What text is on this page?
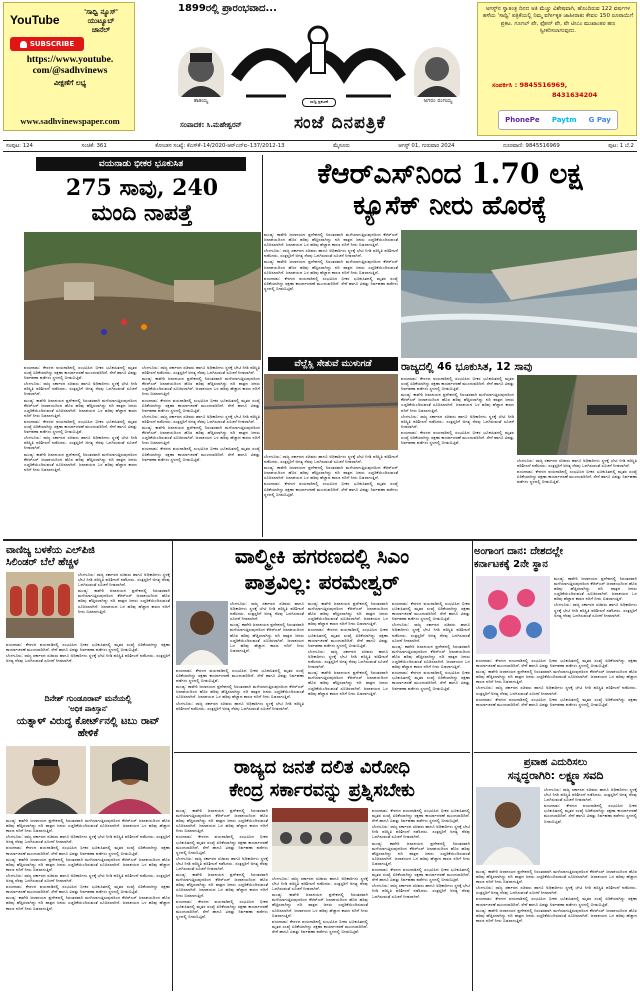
YouTube
'ಸಾಧ್ವಿ ನ್ಯೂಸ್'
ಯುಟ್ಯೂಬ್
ಚಾನೆಲ್
SUBSCRIBE
https://www.youtube.
com/@sadhvinews
ವೀಕ್ಷಣೆಗೆ ಲಭ್ಯ
www.sadhvinewspaper.com
1899ರಲ್ಲಿ ಪ್ರಾರಂಭವಾದ...
ತಾತಯ್ಯ	ಸಾಧ್ವಿ ಪ್ರಕಟಣೆ	ಅಗರಂ ರಂಗಯ್ಯ
ಸಂಪಾದಕ: ಸಿ.ಮಹೇಶ್ವರನ್	ಸಂಜೆ ದಿನಪತ್ರಿಕೆ
ಅಗಸ್ಟ್‌ನ ಸ್ವಾತಂತ್ರ ದಿನದ ಅತಿ ಮೆಚ್ಚು ವಿಶೇಷವಾಗಿ, ಹೊಂದಿರುವ 122 ವರ್ಷಗಳ ಹಳೆಯ 'ಸಾಧ್ವಿ' ಪತ್ರಿಕೆಯಲ್ಲಿ ನಿಮ್ಮ ವರ್ಗೀಕೃತ ಜಾಹೀರಾತು ಕೇವಲ 150 ರೂಪಾಯಿಗೆ ಪ್ರಕಟ. ಗೂಗಲ್ ಪೇ, ಫೋನ್ ಪೇ, ಪೇ ಟೀಎಂ ಮುಖಾಂತರ ಹಣ ಸ್ವೀಕರಿಸಲಾಗುವುದು.
ಸಂಪರ್ಕಿಸಿ : 9845516969,
8431634204
PhonePe Paytm G Pay
ಸಂಪುಟ: 124	ಸಂಚಿಕೆ: 361	ಕೋಂಡಸ ಸಂಖ್ಯೆ: ಕೆಎಸ್‌ಕೆ–14/2020-ಆರ್‌ಎನ್‌ಐ–137/2012-13	ಮೈಸೂರು	ಆಗಸ್ಟ್ 01, ಗುರುವಾರ 2024	ದೂರವಾಣಿ: 9845516969	ಪುಟ: 1 ಬೆ.2
ವಯನಾಡು ಭೀಕರ ಭೂಕುಸಿತ
275 ಸಾವು, 240
ಮಂದಿ ನಾಪತ್ತೆ

ವಯನಾಡು: ಕೇರಳದ ವಯನಾಡಿನಲ್ಲಿ ಸಂಭವಿಸಿದ ಭೀಕರ ಭೂಕುಸಿತದಲ್ಲಿ ಮೃತರ ಸಂಖ್ಯೆ ಏರಿಕೆಯಾಗಿದ್ದು ರಕ್ಷಣಾ ಕಾರ್ಯಾಚರಣೆ ಮುಂದುವರಿದಿದೆ. ಸೇನೆ ಹಾಗೂ ವಿಪತ್ತು ನಿರ್ವಹಣಾ ಪಡೆಗಳು ಸ್ಥಳದಲ್ಲಿ ಬೀಡುಬಿಟ್ಟಿವೆ.

ಬೆಂಗಳೂರು: ರಾಜ್ಯ ಸರ್ಕಾರದ ಸಚಿವರು ಹಾಗೂ ಅಧಿಕಾರಿಗಳು ಸ್ಥಳಕ್ಕೆ ಭೇಟಿ ನೀಡಿ ಪರಿಸ್ಥಿತಿ ಪರಿಶೀಲನೆ ನಡೆಸಿದರು. ಸಂತ್ರಸ್ತರಿಗೆ ಅಗತ್ಯ ನೆರವು ಒದಗಿಸುವಂತೆ ಸೂಚನೆ ನೀಡಲಾಗಿದೆ.

ಮಂಡ್ಯ: ಕಾವೇರಿ ಜಲಾನಯನ ಪ್ರದೇಶದಲ್ಲಿ ನಿರಂತರವಾಗಿ ಮಳೆಯಾಗುತ್ತಿರುವುದರಿಂದ ಕೆಆರ್‌ಎಸ್ ಜಲಾಶಯದಿಂದ ಹೊರ ಹರಿವು ಹೆಚ್ಚಿಸಲಾಗಿದ್ದು ನದಿ ಪಾತ್ರದ ಜನರು ಎಚ್ಚರಿಕೆಯಿಂದಿರುವಂತೆ ಸೂಚಿಸಲಾಗಿದೆ. ಜಲಾಶಯದ ಒಳ ಹರಿವು ಹೆಚ್ಚಾದ ಕಾರಣ ನದಿಗೆ ನೀರು ಬಿಡಲಾಗುತ್ತಿದೆ.

ವಯನಾಡು: ಕೇರಳದ ವಯನಾಡಿನಲ್ಲಿ ಸಂಭವಿಸಿದ ಭೀಕರ ಭೂಕುಸಿತದಲ್ಲಿ ಮೃತರ ಸಂಖ್ಯೆ ಏರಿಕೆಯಾಗಿದ್ದು ರಕ್ಷಣಾ ಕಾರ್ಯಾಚರಣೆ ಮುಂದುವರಿದಿದೆ. ಸೇನೆ ಹಾಗೂ ವಿಪತ್ತು ನಿರ್ವಹಣಾ ಪಡೆಗಳು ಸ್ಥಳದಲ್ಲಿ ಬೀಡುಬಿಟ್ಟಿವೆ.

ಬೆಂಗಳೂರು: ರಾಜ್ಯ ಸರ್ಕಾರದ ಸಚಿವರು ಹಾಗೂ ಅಧಿಕಾರಿಗಳು ಸ್ಥಳಕ್ಕೆ ಭೇಟಿ ನೀಡಿ ಪರಿಸ್ಥಿತಿ ಪರಿಶೀಲನೆ ನಡೆಸಿದರು. ಸಂತ್ರಸ್ತರಿಗೆ ಅಗತ್ಯ ನೆರವು ಒದಗಿಸುವಂತೆ ಸೂಚನೆ ನೀಡಲಾಗಿದೆ.

ಮಂಡ್ಯ: ಕಾವೇರಿ ಜಲಾನಯನ ಪ್ರದೇಶದಲ್ಲಿ ನಿರಂತರವಾಗಿ ಮಳೆಯಾಗುತ್ತಿರುವುದರಿಂದ ಕೆಆರ್‌ಎಸ್ ಜಲಾಶಯದಿಂದ ಹೊರ ಹರಿವು ಹೆಚ್ಚಿಸಲಾಗಿದ್ದು ನದಿ ಪಾತ್ರದ ಜನರು ಎಚ್ಚರಿಕೆಯಿಂದಿರುವಂತೆ ಸೂಚಿಸಲಾಗಿದೆ. ಜಲಾಶಯದ ಒಳ ಹರಿವು ಹೆಚ್ಚಾದ ಕಾರಣ ನದಿಗೆ ನೀರು ಬಿಡಲಾಗುತ್ತಿದೆ.

ಬೆಂಗಳೂರು: ರಾಜ್ಯ ಸರ್ಕಾರದ ಸಚಿವರು ಹಾಗೂ ಅಧಿಕಾರಿಗಳು ಸ್ಥಳಕ್ಕೆ ಭೇಟಿ ನೀಡಿ ಪರಿಸ್ಥಿತಿ ಪರಿಶೀಲನೆ ನಡೆಸಿದರು. ಸಂತ್ರಸ್ತರಿಗೆ ಅಗತ್ಯ ನೆರವು ಒದಗಿಸುವಂತೆ ಸೂಚನೆ ನೀಡಲಾಗಿದೆ.

ಮಂಡ್ಯ: ಕಾವೇರಿ ಜಲಾನಯನ ಪ್ರದೇಶದಲ್ಲಿ ನಿರಂತರವಾಗಿ ಮಳೆಯಾಗುತ್ತಿರುವುದರಿಂದ ಕೆಆರ್‌ಎಸ್ ಜಲಾಶಯದಿಂದ ಹೊರ ಹರಿವು ಹೆಚ್ಚಿಸಲಾಗಿದ್ದು ನದಿ ಪಾತ್ರದ ಜನರು ಎಚ್ಚರಿಕೆಯಿಂದಿರುವಂತೆ ಸೂಚಿಸಲಾಗಿದೆ. ಜಲಾಶಯದ ಒಳ ಹರಿವು ಹೆಚ್ಚಾದ ಕಾರಣ ನದಿಗೆ ನೀರು ಬಿಡಲಾಗುತ್ತಿದೆ.

ವಯನಾಡು: ಕೇರಳದ ವಯನಾಡಿನಲ್ಲಿ ಸಂಭವಿಸಿದ ಭೀಕರ ಭೂಕುಸಿತದಲ್ಲಿ ಮೃತರ ಸಂಖ್ಯೆ ಏರಿಕೆಯಾಗಿದ್ದು ರಕ್ಷಣಾ ಕಾರ್ಯಾಚರಣೆ ಮುಂದುವರಿದಿದೆ. ಸೇನೆ ಹಾಗೂ ವಿಪತ್ತು ನಿರ್ವಹಣಾ ಪಡೆಗಳು ಸ್ಥಳದಲ್ಲಿ ಬೀಡುಬಿಟ್ಟಿವೆ.

ಬೆಂಗಳೂರು: ರಾಜ್ಯ ಸರ್ಕಾರದ ಸಚಿವರು ಹಾಗೂ ಅಧಿಕಾರಿಗಳು ಸ್ಥಳಕ್ಕೆ ಭೇಟಿ ನೀಡಿ ಪರಿಸ್ಥಿತಿ ಪರಿಶೀಲನೆ ನಡೆಸಿದರು. ಸಂತ್ರಸ್ತರಿಗೆ ಅಗತ್ಯ ನೆರವು ಒದಗಿಸುವಂತೆ ಸೂಚನೆ ನೀಡಲಾಗಿದೆ.

ಮಂಡ್ಯ: ಕಾವೇರಿ ಜಲಾನಯನ ಪ್ರದೇಶದಲ್ಲಿ ನಿರಂತರವಾಗಿ ಮಳೆಯಾಗುತ್ತಿರುವುದರಿಂದ ಕೆಆರ್‌ಎಸ್ ಜಲಾಶಯದಿಂದ ಹೊರ ಹರಿವು ಹೆಚ್ಚಿಸಲಾಗಿದ್ದು ನದಿ ಪಾತ್ರದ ಜನರು ಎಚ್ಚರಿಕೆಯಿಂದಿರುವಂತೆ ಸೂಚಿಸಲಾಗಿದೆ. ಜಲಾಶಯದ ಒಳ ಹರಿವು ಹೆಚ್ಚಾದ ಕಾರಣ ನದಿಗೆ ನೀರು ಬಿಡಲಾಗುತ್ತಿದೆ.

ವಯನಾಡು: ಕೇರಳದ ವಯನಾಡಿನಲ್ಲಿ ಸಂಭವಿಸಿದ ಭೀಕರ ಭೂಕುಸಿತದಲ್ಲಿ ಮೃತರ ಸಂಖ್ಯೆ ಏರಿಕೆಯಾಗಿದ್ದು ರಕ್ಷಣಾ ಕಾರ್ಯಾಚರಣೆ ಮುಂದುವರಿದಿದೆ. ಸೇನೆ ಹಾಗೂ ವಿಪತ್ತು ನಿರ್ವಹಣಾ ಪಡೆಗಳು ಸ್ಥಳದಲ್ಲಿ ಬೀಡುಬಿಟ್ಟಿವೆ.

ಕೆಆರ್‌ಎಸ್‌ನಿಂದ 1.70 ಲಕ್ಷ
ಕ್ಯೂಸೆಕ್ ನೀರು ಹೊರಕ್ಕೆ

ಮಂಡ್ಯ: ಕಾವೇರಿ ಜಲಾನಯನ ಪ್ರದೇಶದಲ್ಲಿ ನಿರಂತರವಾಗಿ ಮಳೆಯಾಗುತ್ತಿರುವುದರಿಂದ ಕೆಆರ್‌ಎಸ್ ಜಲಾಶಯದಿಂದ ಹೊರ ಹರಿವು ಹೆಚ್ಚಿಸಲಾಗಿದ್ದು ನದಿ ಪಾತ್ರದ ಜನರು ಎಚ್ಚರಿಕೆಯಿಂದಿರುವಂತೆ ಸೂಚಿಸಲಾಗಿದೆ. ಜಲಾಶಯದ ಒಳ ಹರಿವು ಹೆಚ್ಚಾದ ಕಾರಣ ನದಿಗೆ ನೀರು ಬಿಡಲಾಗುತ್ತಿದೆ.

ಬೆಂಗಳೂರು: ರಾಜ್ಯ ಸರ್ಕಾರದ ಸಚಿವರು ಹಾಗೂ ಅಧಿಕಾರಿಗಳು ಸ್ಥಳಕ್ಕೆ ಭೇಟಿ ನೀಡಿ ಪರಿಸ್ಥಿತಿ ಪರಿಶೀಲನೆ ನಡೆಸಿದರು. ಸಂತ್ರಸ್ತರಿಗೆ ಅಗತ್ಯ ನೆರವು ಒದಗಿಸುವಂತೆ ಸೂಚನೆ ನೀಡಲಾಗಿದೆ.

ಮಂಡ್ಯ: ಕಾವೇರಿ ಜಲಾನಯನ ಪ್ರದೇಶದಲ್ಲಿ ನಿರಂತರವಾಗಿ ಮಳೆಯಾಗುತ್ತಿರುವುದರಿಂದ ಕೆಆರ್‌ಎಸ್ ಜಲಾಶಯದಿಂದ ಹೊರ ಹರಿವು ಹೆಚ್ಚಿಸಲಾಗಿದ್ದು ನದಿ ಪಾತ್ರದ ಜನರು ಎಚ್ಚರಿಕೆಯಿಂದಿರುವಂತೆ ಸೂಚಿಸಲಾಗಿದೆ. ಜಲಾಶಯದ ಒಳ ಹರಿವು ಹೆಚ್ಚಾದ ಕಾರಣ ನದಿಗೆ ನೀರು ಬಿಡಲಾಗುತ್ತಿದೆ.

ವಯನಾಡು: ಕೇರಳದ ವಯನಾಡಿನಲ್ಲಿ ಸಂಭವಿಸಿದ ಭೀಕರ ಭೂಕುಸಿತದಲ್ಲಿ ಮೃತರ ಸಂಖ್ಯೆ ಏರಿಕೆಯಾಗಿದ್ದು ರಕ್ಷಣಾ ಕಾರ್ಯಾಚರಣೆ ಮುಂದುವರಿದಿದೆ. ಸೇನೆ ಹಾಗೂ ವಿಪತ್ತು ನಿರ್ವಹಣಾ ಪಡೆಗಳು ಸ್ಥಳದಲ್ಲಿ ಬೀಡುಬಿಟ್ಟಿವೆ.

ವೆಲ್ಲೆಸ್ಲಿ ಸೇತುವೆ ಮುಳುಗಡೆ

ಬೆಂಗಳೂರು: ರಾಜ್ಯ ಸರ್ಕಾರದ ಸಚಿವರು ಹಾಗೂ ಅಧಿಕಾರಿಗಳು ಸ್ಥಳಕ್ಕೆ ಭೇಟಿ ನೀಡಿ ಪರಿಸ್ಥಿತಿ ಪರಿಶೀಲನೆ ನಡೆಸಿದರು. ಸಂತ್ರಸ್ತರಿಗೆ ಅಗತ್ಯ ನೆರವು ಒದಗಿಸುವಂತೆ ಸೂಚನೆ ನೀಡಲಾಗಿದೆ.

ಮಂಡ್ಯ: ಕಾವೇರಿ ಜಲಾನಯನ ಪ್ರದೇಶದಲ್ಲಿ ನಿರಂತರವಾಗಿ ಮಳೆಯಾಗುತ್ತಿರುವುದರಿಂದ ಕೆಆರ್‌ಎಸ್ ಜಲಾಶಯದಿಂದ ಹೊರ ಹರಿವು ಹೆಚ್ಚಿಸಲಾಗಿದ್ದು ನದಿ ಪಾತ್ರದ ಜನರು ಎಚ್ಚರಿಕೆಯಿಂದಿರುವಂತೆ ಸೂಚಿಸಲಾಗಿದೆ. ಜಲಾಶಯದ ಒಳ ಹರಿವು ಹೆಚ್ಚಾದ ಕಾರಣ ನದಿಗೆ ನೀರು ಬಿಡಲಾಗುತ್ತಿದೆ.

ವಯನಾಡು: ಕೇರಳದ ವಯನಾಡಿನಲ್ಲಿ ಸಂಭವಿಸಿದ ಭೀಕರ ಭೂಕುಸಿತದಲ್ಲಿ ಮೃತರ ಸಂಖ್ಯೆ ಏರಿಕೆಯಾಗಿದ್ದು ರಕ್ಷಣಾ ಕಾರ್ಯಾಚರಣೆ ಮುಂದುವರಿದಿದೆ. ಸೇನೆ ಹಾಗೂ ವಿಪತ್ತು ನಿರ್ವಹಣಾ ಪಡೆಗಳು ಸ್ಥಳದಲ್ಲಿ ಬೀಡುಬಿಟ್ಟಿವೆ.

ರಾಜ್ಯದಲ್ಲಿ 46 ಭೂಕುಸಿತ, 12 ಸಾವು

ವಯನಾಡು: ಕೇರಳದ ವಯನಾಡಿನಲ್ಲಿ ಸಂಭವಿಸಿದ ಭೀಕರ ಭೂಕುಸಿತದಲ್ಲಿ ಮೃತರ ಸಂಖ್ಯೆ ಏರಿಕೆಯಾಗಿದ್ದು ರಕ್ಷಣಾ ಕಾರ್ಯಾಚರಣೆ ಮುಂದುವರಿದಿದೆ. ಸೇನೆ ಹಾಗೂ ವಿಪತ್ತು ನಿರ್ವಹಣಾ ಪಡೆಗಳು ಸ್ಥಳದಲ್ಲಿ ಬೀಡುಬಿಟ್ಟಿವೆ.

ಮಂಡ್ಯ: ಕಾವೇರಿ ಜಲಾನಯನ ಪ್ರದೇಶದಲ್ಲಿ ನಿರಂತರವಾಗಿ ಮಳೆಯಾಗುತ್ತಿರುವುದರಿಂದ ಕೆಆರ್‌ಎಸ್ ಜಲಾಶಯದಿಂದ ಹೊರ ಹರಿವು ಹೆಚ್ಚಿಸಲಾಗಿದ್ದು ನದಿ ಪಾತ್ರದ ಜನರು ಎಚ್ಚರಿಕೆಯಿಂದಿರುವಂತೆ ಸೂಚಿಸಲಾಗಿದೆ. ಜಲಾಶಯದ ಒಳ ಹರಿವು ಹೆಚ್ಚಾದ ಕಾರಣ ನದಿಗೆ ನೀರು ಬಿಡಲಾಗುತ್ತಿದೆ.

ಬೆಂಗಳೂರು: ರಾಜ್ಯ ಸರ್ಕಾರದ ಸಚಿವರು ಹಾಗೂ ಅಧಿಕಾರಿಗಳು ಸ್ಥಳಕ್ಕೆ ಭೇಟಿ ನೀಡಿ ಪರಿಸ್ಥಿತಿ ಪರಿಶೀಲನೆ ನಡೆಸಿದರು. ಸಂತ್ರಸ್ತರಿಗೆ ಅಗತ್ಯ ನೆರವು ಒದಗಿಸುವಂತೆ ಸೂಚನೆ ನೀಡಲಾಗಿದೆ.

ವಯನಾಡು: ಕೇರಳದ ವಯನಾಡಿನಲ್ಲಿ ಸಂಭವಿಸಿದ ಭೀಕರ ಭೂಕುಸಿತದಲ್ಲಿ ಮೃತರ ಸಂಖ್ಯೆ ಏರಿಕೆಯಾಗಿದ್ದು ರಕ್ಷಣಾ ಕಾರ್ಯಾಚರಣೆ ಮುಂದುವರಿದಿದೆ. ಸೇನೆ ಹಾಗೂ ವಿಪತ್ತು ನಿರ್ವಹಣಾ ಪಡೆಗಳು ಸ್ಥಳದಲ್ಲಿ ಬೀಡುಬಿಟ್ಟಿವೆ.

ಬೆಂಗಳೂರು: ರಾಜ್ಯ ಸರ್ಕಾರದ ಸಚಿವರು ಹಾಗೂ ಅಧಿಕಾರಿಗಳು ಸ್ಥಳಕ್ಕೆ ಭೇಟಿ ನೀಡಿ ಪರಿಸ್ಥಿತಿ ಪರಿಶೀಲನೆ ನಡೆಸಿದರು. ಸಂತ್ರಸ್ತರಿಗೆ ಅಗತ್ಯ ನೆರವು ಒದಗಿಸುವಂತೆ ಸೂಚನೆ ನೀಡಲಾಗಿದೆ.

ವಯನಾಡು: ಕೇರಳದ ವಯನಾಡಿನಲ್ಲಿ ಸಂಭವಿಸಿದ ಭೀಕರ ಭೂಕುಸಿತದಲ್ಲಿ ಮೃತರ ಸಂಖ್ಯೆ ಏರಿಕೆಯಾಗಿದ್ದು ರಕ್ಷಣಾ ಕಾರ್ಯಾಚರಣೆ ಮುಂದುವರಿದಿದೆ. ಸೇನೆ ಹಾಗೂ ವಿಪತ್ತು ನಿರ್ವಹಣಾ ಪಡೆಗಳು ಸ್ಥಳದಲ್ಲಿ ಬೀಡುಬಿಟ್ಟಿವೆ.

ವಾಣಿಜ್ಯ ಬಳಕೆಯ ಎಲ್‌ಪಿಜಿ
ಸಿಲಿಂಡರ್ ಬೆಲೆ ಹೆಚ್ಚಳ

ಬೆಂಗಳೂರು: ರಾಜ್ಯ ಸರ್ಕಾರದ ಸಚಿವರು ಹಾಗೂ ಅಧಿಕಾರಿಗಳು ಸ್ಥಳಕ್ಕೆ ಭೇಟಿ ನೀಡಿ ಪರಿಸ್ಥಿತಿ ಪರಿಶೀಲನೆ ನಡೆಸಿದರು. ಸಂತ್ರಸ್ತರಿಗೆ ಅಗತ್ಯ ನೆರವು ಒದಗಿಸುವಂತೆ ಸೂಚನೆ ನೀಡಲಾಗಿದೆ.

ಮಂಡ್ಯ: ಕಾವೇರಿ ಜಲಾನಯನ ಪ್ರದೇಶದಲ್ಲಿ ನಿರಂತರವಾಗಿ ಮಳೆಯಾಗುತ್ತಿರುವುದರಿಂದ ಕೆಆರ್‌ಎಸ್ ಜಲಾಶಯದಿಂದ ಹೊರ ಹರಿವು ಹೆಚ್ಚಿಸಲಾಗಿದ್ದು ನದಿ ಪಾತ್ರದ ಜನರು ಎಚ್ಚರಿಕೆಯಿಂದಿರುವಂತೆ ಸೂಚಿಸಲಾಗಿದೆ. ಜಲಾಶಯದ ಒಳ ಹರಿವು ಹೆಚ್ಚಾದ ಕಾರಣ ನದಿಗೆ ನೀರು ಬಿಡಲಾಗುತ್ತಿದೆ.

ವಯನಾಡು: ಕೇರಳದ ವಯನಾಡಿನಲ್ಲಿ ಸಂಭವಿಸಿದ ಭೀಕರ ಭೂಕುಸಿತದಲ್ಲಿ ಮೃತರ ಸಂಖ್ಯೆ ಏರಿಕೆಯಾಗಿದ್ದು ರಕ್ಷಣಾ ಕಾರ್ಯಾಚರಣೆ ಮುಂದುವರಿದಿದೆ. ಸೇನೆ ಹಾಗೂ ವಿಪತ್ತು ನಿರ್ವಹಣಾ ಪಡೆಗಳು ಸ್ಥಳದಲ್ಲಿ ಬೀಡುಬಿಟ್ಟಿವೆ.

ಬೆಂಗಳೂರು: ರಾಜ್ಯ ಸರ್ಕಾರದ ಸಚಿವರು ಹಾಗೂ ಅಧಿಕಾರಿಗಳು ಸ್ಥಳಕ್ಕೆ ಭೇಟಿ ನೀಡಿ ಪರಿಸ್ಥಿತಿ ಪರಿಶೀಲನೆ ನಡೆಸಿದರು. ಸಂತ್ರಸ್ತರಿಗೆ ಅಗತ್ಯ ನೆರವು ಒದಗಿಸುವಂತೆ ಸೂಚನೆ ನೀಡಲಾಗಿದೆ.

ದಿನೇಶ್ ಗುಂಡೂರಾವ್ ಮನೆಯಲ್ಲಿ
'ಅಧಿಕ ಪಾಕಿಸ್ತಾನ'
ಯತ್ನಾಳ್ ವಿರುದ್ಧ ಕೋರ್ಟ್‌ನಲ್ಲಿ ಟಬು ರಾವ್ ಹೇಳಿಕೆ

ಮಂಡ್ಯ: ಕಾವೇರಿ ಜಲಾನಯನ ಪ್ರದೇಶದಲ್ಲಿ ನಿರಂತರವಾಗಿ ಮಳೆಯಾಗುತ್ತಿರುವುದರಿಂದ ಕೆಆರ್‌ಎಸ್ ಜಲಾಶಯದಿಂದ ಹೊರ ಹರಿವು ಹೆಚ್ಚಿಸಲಾಗಿದ್ದು ನದಿ ಪಾತ್ರದ ಜನರು ಎಚ್ಚರಿಕೆಯಿಂದಿರುವಂತೆ ಸೂಚಿಸಲಾಗಿದೆ. ಜಲಾಶಯದ ಒಳ ಹರಿವು ಹೆಚ್ಚಾದ ಕಾರಣ ನದಿಗೆ ನೀರು ಬಿಡಲಾಗುತ್ತಿದೆ.

ಬೆಂಗಳೂರು: ರಾಜ್ಯ ಸರ್ಕಾರದ ಸಚಿವರು ಹಾಗೂ ಅಧಿಕಾರಿಗಳು ಸ್ಥಳಕ್ಕೆ ಭೇಟಿ ನೀಡಿ ಪರಿಸ್ಥಿತಿ ಪರಿಶೀಲನೆ ನಡೆಸಿದರು. ಸಂತ್ರಸ್ತರಿಗೆ ಅಗತ್ಯ ನೆರವು ಒದಗಿಸುವಂತೆ ಸೂಚನೆ ನೀಡಲಾಗಿದೆ.

ವಯನಾಡು: ಕೇರಳದ ವಯನಾಡಿನಲ್ಲಿ ಸಂಭವಿಸಿದ ಭೀಕರ ಭೂಕುಸಿತದಲ್ಲಿ ಮೃತರ ಸಂಖ್ಯೆ ಏರಿಕೆಯಾಗಿದ್ದು ರಕ್ಷಣಾ ಕಾರ್ಯಾಚರಣೆ ಮುಂದುವರಿದಿದೆ. ಸೇನೆ ಹಾಗೂ ವಿಪತ್ತು ನಿರ್ವಹಣಾ ಪಡೆಗಳು ಸ್ಥಳದಲ್ಲಿ ಬೀಡುಬಿಟ್ಟಿವೆ.

ಮಂಡ್ಯ: ಕಾವೇರಿ ಜಲಾನಯನ ಪ್ರದೇಶದಲ್ಲಿ ನಿರಂತರವಾಗಿ ಮಳೆಯಾಗುತ್ತಿರುವುದರಿಂದ ಕೆಆರ್‌ಎಸ್ ಜಲಾಶಯದಿಂದ ಹೊರ ಹರಿವು ಹೆಚ್ಚಿಸಲಾಗಿದ್ದು ನದಿ ಪಾತ್ರದ ಜನರು ಎಚ್ಚರಿಕೆಯಿಂದಿರುವಂತೆ ಸೂಚಿಸಲಾಗಿದೆ. ಜಲಾಶಯದ ಒಳ ಹರಿವು ಹೆಚ್ಚಾದ ಕಾರಣ ನದಿಗೆ ನೀರು ಬಿಡಲಾಗುತ್ತಿದೆ.

ಬೆಂಗಳೂರು: ರಾಜ್ಯ ಸರ್ಕಾರದ ಸಚಿವರು ಹಾಗೂ ಅಧಿಕಾರಿಗಳು ಸ್ಥಳಕ್ಕೆ ಭೇಟಿ ನೀಡಿ ಪರಿಸ್ಥಿತಿ ಪರಿಶೀಲನೆ ನಡೆಸಿದರು. ಸಂತ್ರಸ್ತರಿಗೆ ಅಗತ್ಯ ನೆರವು ಒದಗಿಸುವಂತೆ ಸೂಚನೆ ನೀಡಲಾಗಿದೆ.

ವಯನಾಡು: ಕೇರಳದ ವಯನಾಡಿನಲ್ಲಿ ಸಂಭವಿಸಿದ ಭೀಕರ ಭೂಕುಸಿತದಲ್ಲಿ ಮೃತರ ಸಂಖ್ಯೆ ಏರಿಕೆಯಾಗಿದ್ದು ರಕ್ಷಣಾ ಕಾರ್ಯಾಚರಣೆ ಮುಂದುವರಿದಿದೆ. ಸೇನೆ ಹಾಗೂ ವಿಪತ್ತು ನಿರ್ವಹಣಾ ಪಡೆಗಳು ಸ್ಥಳದಲ್ಲಿ ಬೀಡುಬಿಟ್ಟಿವೆ.

ಮಂಡ್ಯ: ಕಾವೇರಿ ಜಲಾನಯನ ಪ್ರದೇಶದಲ್ಲಿ ನಿರಂತರವಾಗಿ ಮಳೆಯಾಗುತ್ತಿರುವುದರಿಂದ ಕೆಆರ್‌ಎಸ್ ಜಲಾಶಯದಿಂದ ಹೊರ ಹರಿವು ಹೆಚ್ಚಿಸಲಾಗಿದ್ದು ನದಿ ಪಾತ್ರದ ಜನರು ಎಚ್ಚರಿಕೆಯಿಂದಿರುವಂತೆ ಸೂಚಿಸಲಾಗಿದೆ. ಜಲಾಶಯದ ಒಳ ಹರಿವು ಹೆಚ್ಚಾದ ಕಾರಣ ನದಿಗೆ ನೀರು ಬಿಡಲಾಗುತ್ತಿದೆ.

ವಾಲ್ಮೀಕಿ ಹಗರಣದಲ್ಲಿ ಸಿಎಂ
ಪಾತ್ರವಿಲ್ಲ: ಪರಮೇಶ್ವರ್

ಬೆಂಗಳೂರು: ರಾಜ್ಯ ಸರ್ಕಾರದ ಸಚಿವರು ಹಾಗೂ ಅಧಿಕಾರಿಗಳು ಸ್ಥಳಕ್ಕೆ ಭೇಟಿ ನೀಡಿ ಪರಿಸ್ಥಿತಿ ಪರಿಶೀಲನೆ ನಡೆಸಿದರು. ಸಂತ್ರಸ್ತರಿಗೆ ಅಗತ್ಯ ನೆರವು ಒದಗಿಸುವಂತೆ ಸೂಚನೆ ನೀಡಲಾಗಿದೆ.

ಮಂಡ್ಯ: ಕಾವೇರಿ ಜಲಾನಯನ ಪ್ರದೇಶದಲ್ಲಿ ನಿರಂತರವಾಗಿ ಮಳೆಯಾಗುತ್ತಿರುವುದರಿಂದ ಕೆಆರ್‌ಎಸ್ ಜಲಾಶಯದಿಂದ ಹೊರ ಹರಿವು ಹೆಚ್ಚಿಸಲಾಗಿದ್ದು ನದಿ ಪಾತ್ರದ ಜನರು ಎಚ್ಚರಿಕೆಯಿಂದಿರುವಂತೆ ಸೂಚಿಸಲಾಗಿದೆ. ಜಲಾಶಯದ ಒಳ ಹರಿವು ಹೆಚ್ಚಾದ ಕಾರಣ ನದಿಗೆ ನೀರು ಬಿಡಲಾಗುತ್ತಿದೆ.

ವಯನಾಡು: ಕೇರಳದ ವಯನಾಡಿನಲ್ಲಿ ಸಂಭವಿಸಿದ ಭೀಕರ ಭೂಕುಸಿತದಲ್ಲಿ ಮೃತರ ಸಂಖ್ಯೆ ಏರಿಕೆಯಾಗಿದ್ದು ರಕ್ಷಣಾ ಕಾರ್ಯಾಚರಣೆ ಮುಂದುವರಿದಿದೆ. ಸೇನೆ ಹಾಗೂ ವಿಪತ್ತು ನಿರ್ವಹಣಾ ಪಡೆಗಳು ಸ್ಥಳದಲ್ಲಿ ಬೀಡುಬಿಟ್ಟಿವೆ.

ಮಂಡ್ಯ: ಕಾವೇರಿ ಜಲಾನಯನ ಪ್ರದೇಶದಲ್ಲಿ ನಿರಂತರವಾಗಿ ಮಳೆಯಾಗುತ್ತಿರುವುದರಿಂದ ಕೆಆರ್‌ಎಸ್ ಜಲಾಶಯದಿಂದ ಹೊರ ಹರಿವು ಹೆಚ್ಚಿಸಲಾಗಿದ್ದು ನದಿ ಪಾತ್ರದ ಜನರು ಎಚ್ಚರಿಕೆಯಿಂದಿರುವಂತೆ ಸೂಚಿಸಲಾಗಿದೆ. ಜಲಾಶಯದ ಒಳ ಹರಿವು ಹೆಚ್ಚಾದ ಕಾರಣ ನದಿಗೆ ನೀರು ಬಿಡಲಾಗುತ್ತಿದೆ.

ಬೆಂಗಳೂರು: ರಾಜ್ಯ ಸರ್ಕಾರದ ಸಚಿವರು ಹಾಗೂ ಅಧಿಕಾರಿಗಳು ಸ್ಥಳಕ್ಕೆ ಭೇಟಿ ನೀಡಿ ಪರಿಸ್ಥಿತಿ ಪರಿಶೀಲನೆ ನಡೆಸಿದರು. ಸಂತ್ರಸ್ತರಿಗೆ ಅಗತ್ಯ ನೆರವು ಒದಗಿಸುವಂತೆ ಸೂಚನೆ ನೀಡಲಾಗಿದೆ.

ಮಂಡ್ಯ: ಕಾವೇರಿ ಜಲಾನಯನ ಪ್ರದೇಶದಲ್ಲಿ ನಿರಂತರವಾಗಿ ಮಳೆಯಾಗುತ್ತಿರುವುದರಿಂದ ಕೆಆರ್‌ಎಸ್ ಜಲಾಶಯದಿಂದ ಹೊರ ಹರಿವು ಹೆಚ್ಚಿಸಲಾಗಿದ್ದು ನದಿ ಪಾತ್ರದ ಜನರು ಎಚ್ಚರಿಕೆಯಿಂದಿರುವಂತೆ ಸೂಚಿಸಲಾಗಿದೆ. ಜಲಾಶಯದ ಒಳ ಹರಿವು ಹೆಚ್ಚಾದ ಕಾರಣ ನದಿಗೆ ನೀರು ಬಿಡಲಾಗುತ್ತಿದೆ.

ವಯನಾಡು: ಕೇರಳದ ವಯನಾಡಿನಲ್ಲಿ ಸಂಭವಿಸಿದ ಭೀಕರ ಭೂಕುಸಿತದಲ್ಲಿ ಮೃತರ ಸಂಖ್ಯೆ ಏರಿಕೆಯಾಗಿದ್ದು ರಕ್ಷಣಾ ಕಾರ್ಯಾಚರಣೆ ಮುಂದುವರಿದಿದೆ. ಸೇನೆ ಹಾಗೂ ವಿಪತ್ತು ನಿರ್ವಹಣಾ ಪಡೆಗಳು ಸ್ಥಳದಲ್ಲಿ ಬೀಡುಬಿಟ್ಟಿವೆ.

ಬೆಂಗಳೂರು: ರಾಜ್ಯ ಸರ್ಕಾರದ ಸಚಿವರು ಹಾಗೂ ಅಧಿಕಾರಿಗಳು ಸ್ಥಳಕ್ಕೆ ಭೇಟಿ ನೀಡಿ ಪರಿಸ್ಥಿತಿ ಪರಿಶೀಲನೆ ನಡೆಸಿದರು. ಸಂತ್ರಸ್ತರಿಗೆ ಅಗತ್ಯ ನೆರವು ಒದಗಿಸುವಂತೆ ಸೂಚನೆ ನೀಡಲಾಗಿದೆ.

ಮಂಡ್ಯ: ಕಾವೇರಿ ಜಲಾನಯನ ಪ್ರದೇಶದಲ್ಲಿ ನಿರಂತರವಾಗಿ ಮಳೆಯಾಗುತ್ತಿರುವುದರಿಂದ ಕೆಆರ್‌ಎಸ್ ಜಲಾಶಯದಿಂದ ಹೊರ ಹರಿವು ಹೆಚ್ಚಿಸಲಾಗಿದ್ದು ನದಿ ಪಾತ್ರದ ಜನರು ಎಚ್ಚರಿಕೆಯಿಂದಿರುವಂತೆ ಸೂಚಿಸಲಾಗಿದೆ. ಜಲಾಶಯದ ಒಳ ಹರಿವು ಹೆಚ್ಚಾದ ಕಾರಣ ನದಿಗೆ ನೀರು ಬಿಡಲಾಗುತ್ತಿದೆ.

ವಯನಾಡು: ಕೇರಳದ ವಯನಾಡಿನಲ್ಲಿ ಸಂಭವಿಸಿದ ಭೀಕರ ಭೂಕುಸಿತದಲ್ಲಿ ಮೃತರ ಸಂಖ್ಯೆ ಏರಿಕೆಯಾಗಿದ್ದು ರಕ್ಷಣಾ ಕಾರ್ಯಾಚರಣೆ ಮುಂದುವರಿದಿದೆ. ಸೇನೆ ಹಾಗೂ ವಿಪತ್ತು ನಿರ್ವಹಣಾ ಪಡೆಗಳು ಸ್ಥಳದಲ್ಲಿ ಬೀಡುಬಿಟ್ಟಿವೆ.

ಬೆಂಗಳೂರು: ರಾಜ್ಯ ಸರ್ಕಾರದ ಸಚಿವರು ಹಾಗೂ ಅಧಿಕಾರಿಗಳು ಸ್ಥಳಕ್ಕೆ ಭೇಟಿ ನೀಡಿ ಪರಿಸ್ಥಿತಿ ಪರಿಶೀಲನೆ ನಡೆಸಿದರು. ಸಂತ್ರಸ್ತರಿಗೆ ಅಗತ್ಯ ನೆರವು ಒದಗಿಸುವಂತೆ ಸೂಚನೆ ನೀಡಲಾಗಿದೆ.

ಮಂಡ್ಯ: ಕಾವೇರಿ ಜಲಾನಯನ ಪ್ರದೇಶದಲ್ಲಿ ನಿರಂತರವಾಗಿ ಮಳೆಯಾಗುತ್ತಿರುವುದರಿಂದ ಕೆಆರ್‌ಎಸ್ ಜಲಾಶಯದಿಂದ ಹೊರ ಹರಿವು ಹೆಚ್ಚಿಸಲಾಗಿದ್ದು ನದಿ ಪಾತ್ರದ ಜನರು ಎಚ್ಚರಿಕೆಯಿಂದಿರುವಂತೆ ಸೂಚಿಸಲಾಗಿದೆ. ಜಲಾಶಯದ ಒಳ ಹರಿವು ಹೆಚ್ಚಾದ ಕಾರಣ ನದಿಗೆ ನೀರು ಬಿಡಲಾಗುತ್ತಿದೆ.

ವಯನಾಡು: ಕೇರಳದ ವಯನಾಡಿನಲ್ಲಿ ಸಂಭವಿಸಿದ ಭೀಕರ ಭೂಕುಸಿತದಲ್ಲಿ ಮೃತರ ಸಂಖ್ಯೆ ಏರಿಕೆಯಾಗಿದ್ದು ರಕ್ಷಣಾ ಕಾರ್ಯಾಚರಣೆ ಮುಂದುವರಿದಿದೆ. ಸೇನೆ ಹಾಗೂ ವಿಪತ್ತು ನಿರ್ವಹಣಾ ಪಡೆಗಳು ಸ್ಥಳದಲ್ಲಿ ಬೀಡುಬಿಟ್ಟಿವೆ.

ರಾಜ್ಯದ ಜನತೆ ದಲಿತ ವಿರೋಧಿ
ಕೇಂದ್ರ ಸರ್ಕಾರವನ್ನು ಪ್ರಶ್ನಿಸಬೇಕು

ಮಂಡ್ಯ: ಕಾವೇರಿ ಜಲಾನಯನ ಪ್ರದೇಶದಲ್ಲಿ ನಿರಂತರವಾಗಿ ಮಳೆಯಾಗುತ್ತಿರುವುದರಿಂದ ಕೆಆರ್‌ಎಸ್ ಜಲಾಶಯದಿಂದ ಹೊರ ಹರಿವು ಹೆಚ್ಚಿಸಲಾಗಿದ್ದು ನದಿ ಪಾತ್ರದ ಜನರು ಎಚ್ಚರಿಕೆಯಿಂದಿರುವಂತೆ ಸೂಚಿಸಲಾಗಿದೆ. ಜಲಾಶಯದ ಒಳ ಹರಿವು ಹೆಚ್ಚಾದ ಕಾರಣ ನದಿಗೆ ನೀರು ಬಿಡಲಾಗುತ್ತಿದೆ.

ವಯನಾಡು: ಕೇರಳದ ವಯನಾಡಿನಲ್ಲಿ ಸಂಭವಿಸಿದ ಭೀಕರ ಭೂಕುಸಿತದಲ್ಲಿ ಮೃತರ ಸಂಖ್ಯೆ ಏರಿಕೆಯಾಗಿದ್ದು ರಕ್ಷಣಾ ಕಾರ್ಯಾಚರಣೆ ಮುಂದುವರಿದಿದೆ. ಸೇನೆ ಹಾಗೂ ವಿಪತ್ತು ನಿರ್ವಹಣಾ ಪಡೆಗಳು ಸ್ಥಳದಲ್ಲಿ ಬೀಡುಬಿಟ್ಟಿವೆ.

ಬೆಂಗಳೂರು: ರಾಜ್ಯ ಸರ್ಕಾರದ ಸಚಿವರು ಹಾಗೂ ಅಧಿಕಾರಿಗಳು ಸ್ಥಳಕ್ಕೆ ಭೇಟಿ ನೀಡಿ ಪರಿಸ್ಥಿತಿ ಪರಿಶೀಲನೆ ನಡೆಸಿದರು. ಸಂತ್ರಸ್ತರಿಗೆ ಅಗತ್ಯ ನೆರವು ಒದಗಿಸುವಂತೆ ಸೂಚನೆ ನೀಡಲಾಗಿದೆ.

ಮಂಡ್ಯ: ಕಾವೇರಿ ಜಲಾನಯನ ಪ್ರದೇಶದಲ್ಲಿ ನಿರಂತರವಾಗಿ ಮಳೆಯಾಗುತ್ತಿರುವುದರಿಂದ ಕೆಆರ್‌ಎಸ್ ಜಲಾಶಯದಿಂದ ಹೊರ ಹರಿವು ಹೆಚ್ಚಿಸಲಾಗಿದ್ದು ನದಿ ಪಾತ್ರದ ಜನರು ಎಚ್ಚರಿಕೆಯಿಂದಿರುವಂತೆ ಸೂಚಿಸಲಾಗಿದೆ. ಜಲಾಶಯದ ಒಳ ಹರಿವು ಹೆಚ್ಚಾದ ಕಾರಣ ನದಿಗೆ ನೀರು ಬಿಡಲಾಗುತ್ತಿದೆ.

ವಯನಾಡು: ಕೇರಳದ ವಯನಾಡಿನಲ್ಲಿ ಸಂಭವಿಸಿದ ಭೀಕರ ಭೂಕುಸಿತದಲ್ಲಿ ಮೃತರ ಸಂಖ್ಯೆ ಏರಿಕೆಯಾಗಿದ್ದು ರಕ್ಷಣಾ ಕಾರ್ಯಾಚರಣೆ ಮುಂದುವರಿದಿದೆ. ಸೇನೆ ಹಾಗೂ ವಿಪತ್ತು ನಿರ್ವಹಣಾ ಪಡೆಗಳು ಸ್ಥಳದಲ್ಲಿ ಬೀಡುಬಿಟ್ಟಿವೆ.

ಬೆಂಗಳೂರು: ರಾಜ್ಯ ಸರ್ಕಾರದ ಸಚಿವರು ಹಾಗೂ ಅಧಿಕಾರಿಗಳು ಸ್ಥಳಕ್ಕೆ ಭೇಟಿ ನೀಡಿ ಪರಿಸ್ಥಿತಿ ಪರಿಶೀಲನೆ ನಡೆಸಿದರು. ಸಂತ್ರಸ್ತರಿಗೆ ಅಗತ್ಯ ನೆರವು ಒದಗಿಸುವಂತೆ ಸೂಚನೆ ನೀಡಲಾಗಿದೆ.

ಮಂಡ್ಯ: ಕಾವೇರಿ ಜಲಾನಯನ ಪ್ರದೇಶದಲ್ಲಿ ನಿರಂತರವಾಗಿ ಮಳೆಯಾಗುತ್ತಿರುವುದರಿಂದ ಕೆಆರ್‌ಎಸ್ ಜಲಾಶಯದಿಂದ ಹೊರ ಹರಿವು ಹೆಚ್ಚಿಸಲಾಗಿದ್ದು ನದಿ ಪಾತ್ರದ ಜನರು ಎಚ್ಚರಿಕೆಯಿಂದಿರುವಂತೆ ಸೂಚಿಸಲಾಗಿದೆ. ಜಲಾಶಯದ ಒಳ ಹರಿವು ಹೆಚ್ಚಾದ ಕಾರಣ ನದಿಗೆ ನೀರು ಬಿಡಲಾಗುತ್ತಿದೆ.

ವಯನಾಡು: ಕೇರಳದ ವಯನಾಡಿನಲ್ಲಿ ಸಂಭವಿಸಿದ ಭೀಕರ ಭೂಕುಸಿತದಲ್ಲಿ ಮೃತರ ಸಂಖ್ಯೆ ಏರಿಕೆಯಾಗಿದ್ದು ರಕ್ಷಣಾ ಕಾರ್ಯಾಚರಣೆ ಮುಂದುವರಿದಿದೆ. ಸೇನೆ ಹಾಗೂ ವಿಪತ್ತು ನಿರ್ವಹಣಾ ಪಡೆಗಳು ಸ್ಥಳದಲ್ಲಿ ಬೀಡುಬಿಟ್ಟಿವೆ.

ವಯನಾಡು: ಕೇರಳದ ವಯನಾಡಿನಲ್ಲಿ ಸಂಭವಿಸಿದ ಭೀಕರ ಭೂಕುಸಿತದಲ್ಲಿ ಮೃತರ ಸಂಖ್ಯೆ ಏರಿಕೆಯಾಗಿದ್ದು ರಕ್ಷಣಾ ಕಾರ್ಯಾಚರಣೆ ಮುಂದುವರಿದಿದೆ. ಸೇನೆ ಹಾಗೂ ವಿಪತ್ತು ನಿರ್ವಹಣಾ ಪಡೆಗಳು ಸ್ಥಳದಲ್ಲಿ ಬೀಡುಬಿಟ್ಟಿವೆ.

ಬೆಂಗಳೂರು: ರಾಜ್ಯ ಸರ್ಕಾರದ ಸಚಿವರು ಹಾಗೂ ಅಧಿಕಾರಿಗಳು ಸ್ಥಳಕ್ಕೆ ಭೇಟಿ ನೀಡಿ ಪರಿಸ್ಥಿತಿ ಪರಿಶೀಲನೆ ನಡೆಸಿದರು. ಸಂತ್ರಸ್ತರಿಗೆ ಅಗತ್ಯ ನೆರವು ಒದಗಿಸುವಂತೆ ಸೂಚನೆ ನೀಡಲಾಗಿದೆ.

ಮಂಡ್ಯ: ಕಾವೇರಿ ಜಲಾನಯನ ಪ್ರದೇಶದಲ್ಲಿ ನಿರಂತರವಾಗಿ ಮಳೆಯಾಗುತ್ತಿರುವುದರಿಂದ ಕೆಆರ್‌ಎಸ್ ಜಲಾಶಯದಿಂದ ಹೊರ ಹರಿವು ಹೆಚ್ಚಿಸಲಾಗಿದ್ದು ನದಿ ಪಾತ್ರದ ಜನರು ಎಚ್ಚರಿಕೆಯಿಂದಿರುವಂತೆ ಸೂಚಿಸಲಾಗಿದೆ. ಜಲಾಶಯದ ಒಳ ಹರಿವು ಹೆಚ್ಚಾದ ಕಾರಣ ನದಿಗೆ ನೀರು ಬಿಡಲಾಗುತ್ತಿದೆ.

ವಯನಾಡು: ಕೇರಳದ ವಯನಾಡಿನಲ್ಲಿ ಸಂಭವಿಸಿದ ಭೀಕರ ಭೂಕುಸಿತದಲ್ಲಿ ಮೃತರ ಸಂಖ್ಯೆ ಏರಿಕೆಯಾಗಿದ್ದು ರಕ್ಷಣಾ ಕಾರ್ಯಾಚರಣೆ ಮುಂದುವರಿದಿದೆ. ಸೇನೆ ಹಾಗೂ ವಿಪತ್ತು ನಿರ್ವಹಣಾ ಪಡೆಗಳು ಸ್ಥಳದಲ್ಲಿ ಬೀಡುಬಿಟ್ಟಿವೆ.

ಬೆಂಗಳೂರು: ರಾಜ್ಯ ಸರ್ಕಾರದ ಸಚಿವರು ಹಾಗೂ ಅಧಿಕಾರಿಗಳು ಸ್ಥಳಕ್ಕೆ ಭೇಟಿ ನೀಡಿ ಪರಿಸ್ಥಿತಿ ಪರಿಶೀಲನೆ ನಡೆಸಿದರು. ಸಂತ್ರಸ್ತರಿಗೆ ಅಗತ್ಯ ನೆರವು ಒದಗಿಸುವಂತೆ ಸೂಚನೆ ನೀಡಲಾಗಿದೆ.

ಅಂಗಾಂಗ ದಾನ: ದೇಶದಲ್ಲೇ
ಕರ್ನಾಟಕಕ್ಕೆ 2ನೇ ಸ್ಥಾನ

ಮಂಡ್ಯ: ಕಾವೇರಿ ಜಲಾನಯನ ಪ್ರದೇಶದಲ್ಲಿ ನಿರಂತರವಾಗಿ ಮಳೆಯಾಗುತ್ತಿರುವುದರಿಂದ ಕೆಆರ್‌ಎಸ್ ಜಲಾಶಯದಿಂದ ಹೊರ ಹರಿವು ಹೆಚ್ಚಿಸಲಾಗಿದ್ದು ನದಿ ಪಾತ್ರದ ಜನರು ಎಚ್ಚರಿಕೆಯಿಂದಿರುವಂತೆ ಸೂಚಿಸಲಾಗಿದೆ. ಜಲಾಶಯದ ಒಳ ಹರಿವು ಹೆಚ್ಚಾದ ಕಾರಣ ನದಿಗೆ ನೀರು ಬಿಡಲಾಗುತ್ತಿದೆ.

ಬೆಂಗಳೂರು: ರಾಜ್ಯ ಸರ್ಕಾರದ ಸಚಿವರು ಹಾಗೂ ಅಧಿಕಾರಿಗಳು ಸ್ಥಳಕ್ಕೆ ಭೇಟಿ ನೀಡಿ ಪರಿಸ್ಥಿತಿ ಪರಿಶೀಲನೆ ನಡೆಸಿದರು. ಸಂತ್ರಸ್ತರಿಗೆ ಅಗತ್ಯ ನೆರವು ಒದಗಿಸುವಂತೆ ಸೂಚನೆ ನೀಡಲಾಗಿದೆ.

ವಯನಾಡು: ಕೇರಳದ ವಯನಾಡಿನಲ್ಲಿ ಸಂಭವಿಸಿದ ಭೀಕರ ಭೂಕುಸಿತದಲ್ಲಿ ಮೃತರ ಸಂಖ್ಯೆ ಏರಿಕೆಯಾಗಿದ್ದು ರಕ್ಷಣಾ ಕಾರ್ಯಾಚರಣೆ ಮುಂದುವರಿದಿದೆ. ಸೇನೆ ಹಾಗೂ ವಿಪತ್ತು ನಿರ್ವಹಣಾ ಪಡೆಗಳು ಸ್ಥಳದಲ್ಲಿ ಬೀಡುಬಿಟ್ಟಿವೆ.

ಮಂಡ್ಯ: ಕಾವೇರಿ ಜಲಾನಯನ ಪ್ರದೇಶದಲ್ಲಿ ನಿರಂತರವಾಗಿ ಮಳೆಯಾಗುತ್ತಿರುವುದರಿಂದ ಕೆಆರ್‌ಎಸ್ ಜಲಾಶಯದಿಂದ ಹೊರ ಹರಿವು ಹೆಚ್ಚಿಸಲಾಗಿದ್ದು ನದಿ ಪಾತ್ರದ ಜನರು ಎಚ್ಚರಿಕೆಯಿಂದಿರುವಂತೆ ಸೂಚಿಸಲಾಗಿದೆ. ಜಲಾಶಯದ ಒಳ ಹರಿವು ಹೆಚ್ಚಾದ ಕಾರಣ ನದಿಗೆ ನೀರು ಬಿಡಲಾಗುತ್ತಿದೆ.

ಬೆಂಗಳೂರು: ರಾಜ್ಯ ಸರ್ಕಾರದ ಸಚಿವರು ಹಾಗೂ ಅಧಿಕಾರಿಗಳು ಸ್ಥಳಕ್ಕೆ ಭೇಟಿ ನೀಡಿ ಪರಿಸ್ಥಿತಿ ಪರಿಶೀಲನೆ ನಡೆಸಿದರು. ಸಂತ್ರಸ್ತರಿಗೆ ಅಗತ್ಯ ನೆರವು ಒದಗಿಸುವಂತೆ ಸೂಚನೆ ನೀಡಲಾಗಿದೆ.

ವಯನಾಡು: ಕೇರಳದ ವಯನಾಡಿನಲ್ಲಿ ಸಂಭವಿಸಿದ ಭೀಕರ ಭೂಕುಸಿತದಲ್ಲಿ ಮೃತರ ಸಂಖ್ಯೆ ಏರಿಕೆಯಾಗಿದ್ದು ರಕ್ಷಣಾ ಕಾರ್ಯಾಚರಣೆ ಮುಂದುವರಿದಿದೆ. ಸೇನೆ ಹಾಗೂ ವಿಪತ್ತು ನಿರ್ವಹಣಾ ಪಡೆಗಳು ಸ್ಥಳದಲ್ಲಿ ಬೀಡುಬಿಟ್ಟಿವೆ.

ಪ್ರವಾಹ ಎದುರಿಸಲು
ಸನ್ನದ್ಧರಾಗಿರಿ: ಲಕ್ಷ್ಮಣ ಸವದಿ

ಬೆಂಗಳೂರು: ರಾಜ್ಯ ಸರ್ಕಾರದ ಸಚಿವರು ಹಾಗೂ ಅಧಿಕಾರಿಗಳು ಸ್ಥಳಕ್ಕೆ ಭೇಟಿ ನೀಡಿ ಪರಿಸ್ಥಿತಿ ಪರಿಶೀಲನೆ ನಡೆಸಿದರು. ಸಂತ್ರಸ್ತರಿಗೆ ಅಗತ್ಯ ನೆರವು ಒದಗಿಸುವಂತೆ ಸೂಚನೆ ನೀಡಲಾಗಿದೆ.

ವಯನಾಡು: ಕೇರಳದ ವಯನಾಡಿನಲ್ಲಿ ಸಂಭವಿಸಿದ ಭೀಕರ ಭೂಕುಸಿತದಲ್ಲಿ ಮೃತರ ಸಂಖ್ಯೆ ಏರಿಕೆಯಾಗಿದ್ದು ರಕ್ಷಣಾ ಕಾರ್ಯಾಚರಣೆ ಮುಂದುವರಿದಿದೆ. ಸೇನೆ ಹಾಗೂ ವಿಪತ್ತು ನಿರ್ವಹಣಾ ಪಡೆಗಳು ಸ್ಥಳದಲ್ಲಿ ಬೀಡುಬಿಟ್ಟಿವೆ.

ಮಂಡ್ಯ: ಕಾವೇರಿ ಜಲಾನಯನ ಪ್ರದೇಶದಲ್ಲಿ ನಿರಂತರವಾಗಿ ಮಳೆಯಾಗುತ್ತಿರುವುದರಿಂದ ಕೆಆರ್‌ಎಸ್ ಜಲಾಶಯದಿಂದ ಹೊರ ಹರಿವು ಹೆಚ್ಚಿಸಲಾಗಿದ್ದು ನದಿ ಪಾತ್ರದ ಜನರು ಎಚ್ಚರಿಕೆಯಿಂದಿರುವಂತೆ ಸೂಚಿಸಲಾಗಿದೆ. ಜಲಾಶಯದ ಒಳ ಹರಿವು ಹೆಚ್ಚಾದ ಕಾರಣ ನದಿಗೆ ನೀರು ಬಿಡಲಾಗುತ್ತಿದೆ.

ಬೆಂಗಳೂರು: ರಾಜ್ಯ ಸರ್ಕಾರದ ಸಚಿವರು ಹಾಗೂ ಅಧಿಕಾರಿಗಳು ಸ್ಥಳಕ್ಕೆ ಭೇಟಿ ನೀಡಿ ಪರಿಸ್ಥಿತಿ ಪರಿಶೀಲನೆ ನಡೆಸಿದರು. ಸಂತ್ರಸ್ತರಿಗೆ ಅಗತ್ಯ ನೆರವು ಒದಗಿಸುವಂತೆ ಸೂಚನೆ ನೀಡಲಾಗಿದೆ.

ವಯನಾಡು: ಕೇರಳದ ವಯನಾಡಿನಲ್ಲಿ ಸಂಭವಿಸಿದ ಭೀಕರ ಭೂಕುಸಿತದಲ್ಲಿ ಮೃತರ ಸಂಖ್ಯೆ ಏರಿಕೆಯಾಗಿದ್ದು ರಕ್ಷಣಾ ಕಾರ್ಯಾಚರಣೆ ಮುಂದುವರಿದಿದೆ. ಸೇನೆ ಹಾಗೂ ವಿಪತ್ತು ನಿರ್ವಹಣಾ ಪಡೆಗಳು ಸ್ಥಳದಲ್ಲಿ ಬೀಡುಬಿಟ್ಟಿವೆ.

ಮಂಡ್ಯ: ಕಾವೇರಿ ಜಲಾನಯನ ಪ್ರದೇಶದಲ್ಲಿ ನಿರಂತರವಾಗಿ ಮಳೆಯಾಗುತ್ತಿರುವುದರಿಂದ ಕೆಆರ್‌ಎಸ್ ಜಲಾಶಯದಿಂದ ಹೊರ ಹರಿವು ಹೆಚ್ಚಿಸಲಾಗಿದ್ದು ನದಿ ಪಾತ್ರದ ಜನರು ಎಚ್ಚರಿಕೆಯಿಂದಿರುವಂತೆ ಸೂಚಿಸಲಾಗಿದೆ. ಜಲಾಶಯದ ಒಳ ಹರಿವು ಹೆಚ್ಚಾದ ಕಾರಣ ನದಿಗೆ ನೀರು ಬಿಡಲಾಗುತ್ತಿದೆ.
